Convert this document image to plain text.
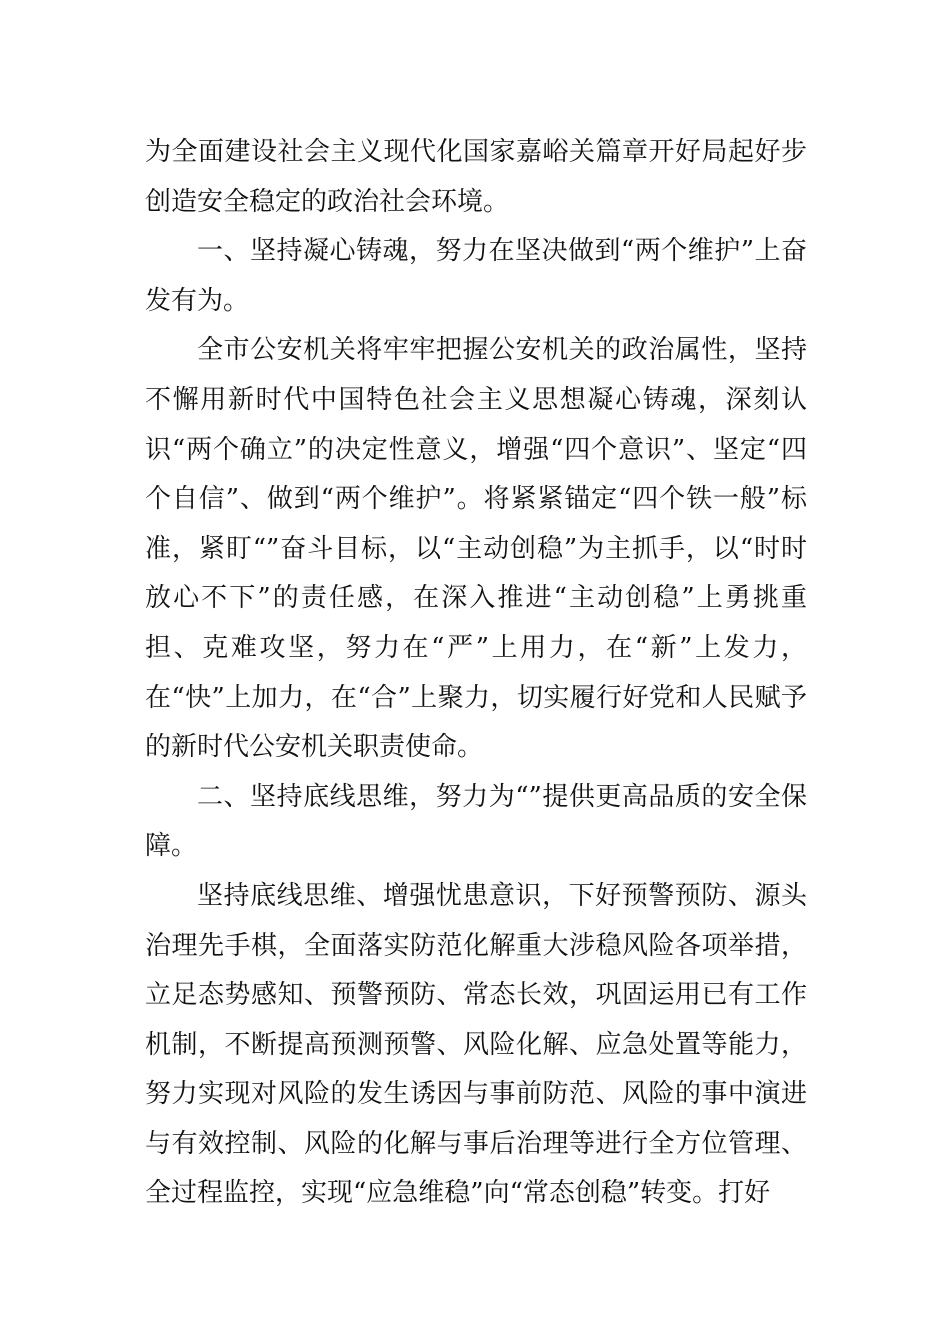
为全面建设社会主义现代化国家嘉峪关篇章开好局起好步创造安全稳定的政治社会环境。

一、坚持凝心铸魂，努力在坚决做到“两个维护”上奋发有为。

全市公安机关将牢牢把握公安机关的政治属性，坚持不懈用新时代中国特色社会主义思想凝心铸魂，深刻认识“两个确立”的决定性意义，增强“四个意识”、坚定“四个自信”、做到“两个维护”。将紧紧锚定“四个铁一般”标准，紧盯“”奋斗目标，以“主动创稳”为主抓手，以“时时放心不下”的责任感，在深入推进“主动创稳”上勇挑重担、克难攻坚，努力在“严”上用力，在“新”上发力，在“快”上加力，在“合”上聚力，切实履行好党和人民赋予的新时代公安机关职责使命。

二、坚持底线思维，努力为“”提供更高品质的安全保障。

坚持底线思维、增强忧患意识，下好预警预防、源头治理先手棋，全面落实防范化解重大涉稳风险各项举措，立足态势感知、预警预防、常态长效，巩固运用已有工作机制，不断提高预测预警、风险化解、应急处置等能力，努力实现对风险的发生诱因与事前防范、风险的事中演进与有效控制、风险的化解与事后治理等进行全方位管理、全过程监控，实现“应急维稳”向“常态创稳”转变。打好
